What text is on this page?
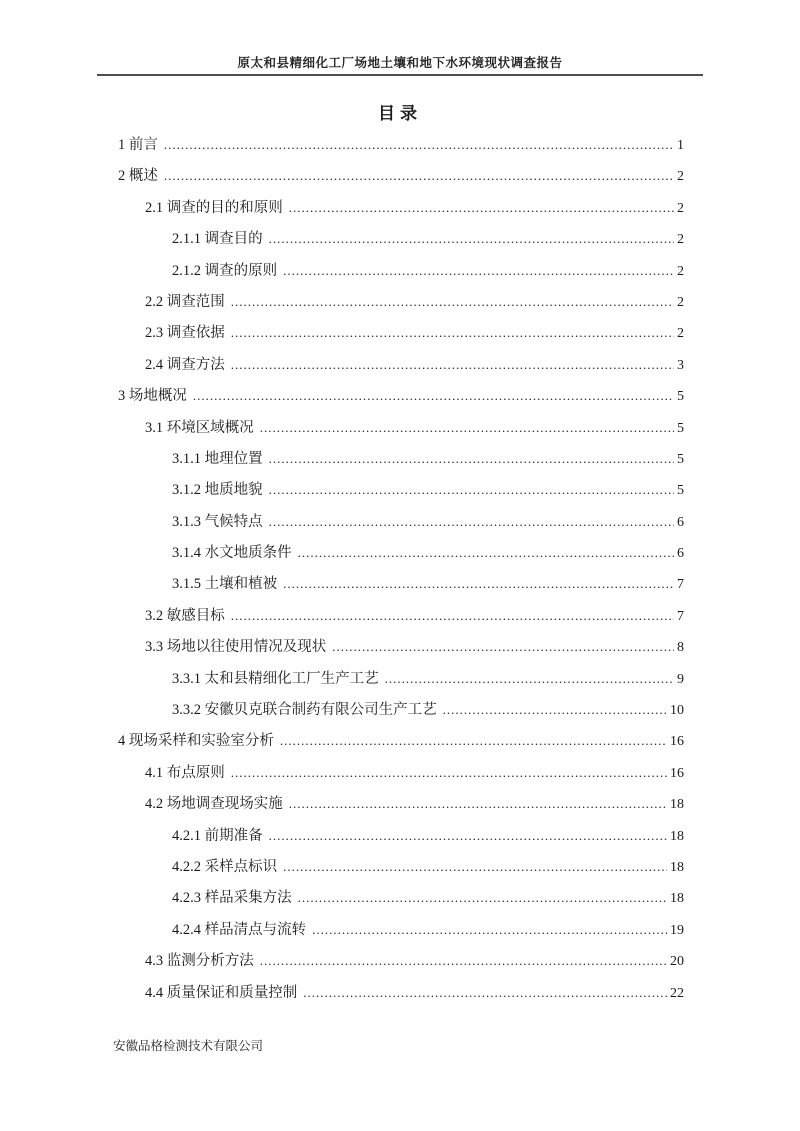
原太和县精细化工厂场地土壤和地下水环境现状调查报告
目录
1 前言 .....	1
2 概述 .....	2
2.1 调查的目的和原则 .....	2
2.1.1 调查目的 .....	2
2.1.2 调查的原则 .....	2
2.2 调查范围 .....	2
2.3 调查依据 .....	2
2.4 调查方法 .....	3
3 场地概况 .....	5
3.1 环境区域概况 .....	5
3.1.1 地理位置 .....	5
3.1.2 地质地貌 .....	5
3.1.3 气候特点 .....	6
3.1.4 水文地质条件 .....	6
3.1.5 土壤和植被 .....	7
3.2 敏感目标 .....	7
3.3 场地以往使用情况及现状 .....	8
3.3.1 太和县精细化工厂生产工艺 .....	9
3.3.2 安徽贝克联合制药有限公司生产工艺 .....	10
4 现场采样和实验室分析 .....	16
4.1 布点原则 .....	16
4.2 场地调查现场实施 .....	18
4.2.1 前期准备 .....	18
4.2.2 采样点标识 .....	18
4.2.3 样品采集方法 .....	18
4.2.4 样品清点与流转 .....	19
4.3 监测分析方法 .....	20
4.4 质量保证和质量控制 .....	22
安徽品格检测技术有限公司
